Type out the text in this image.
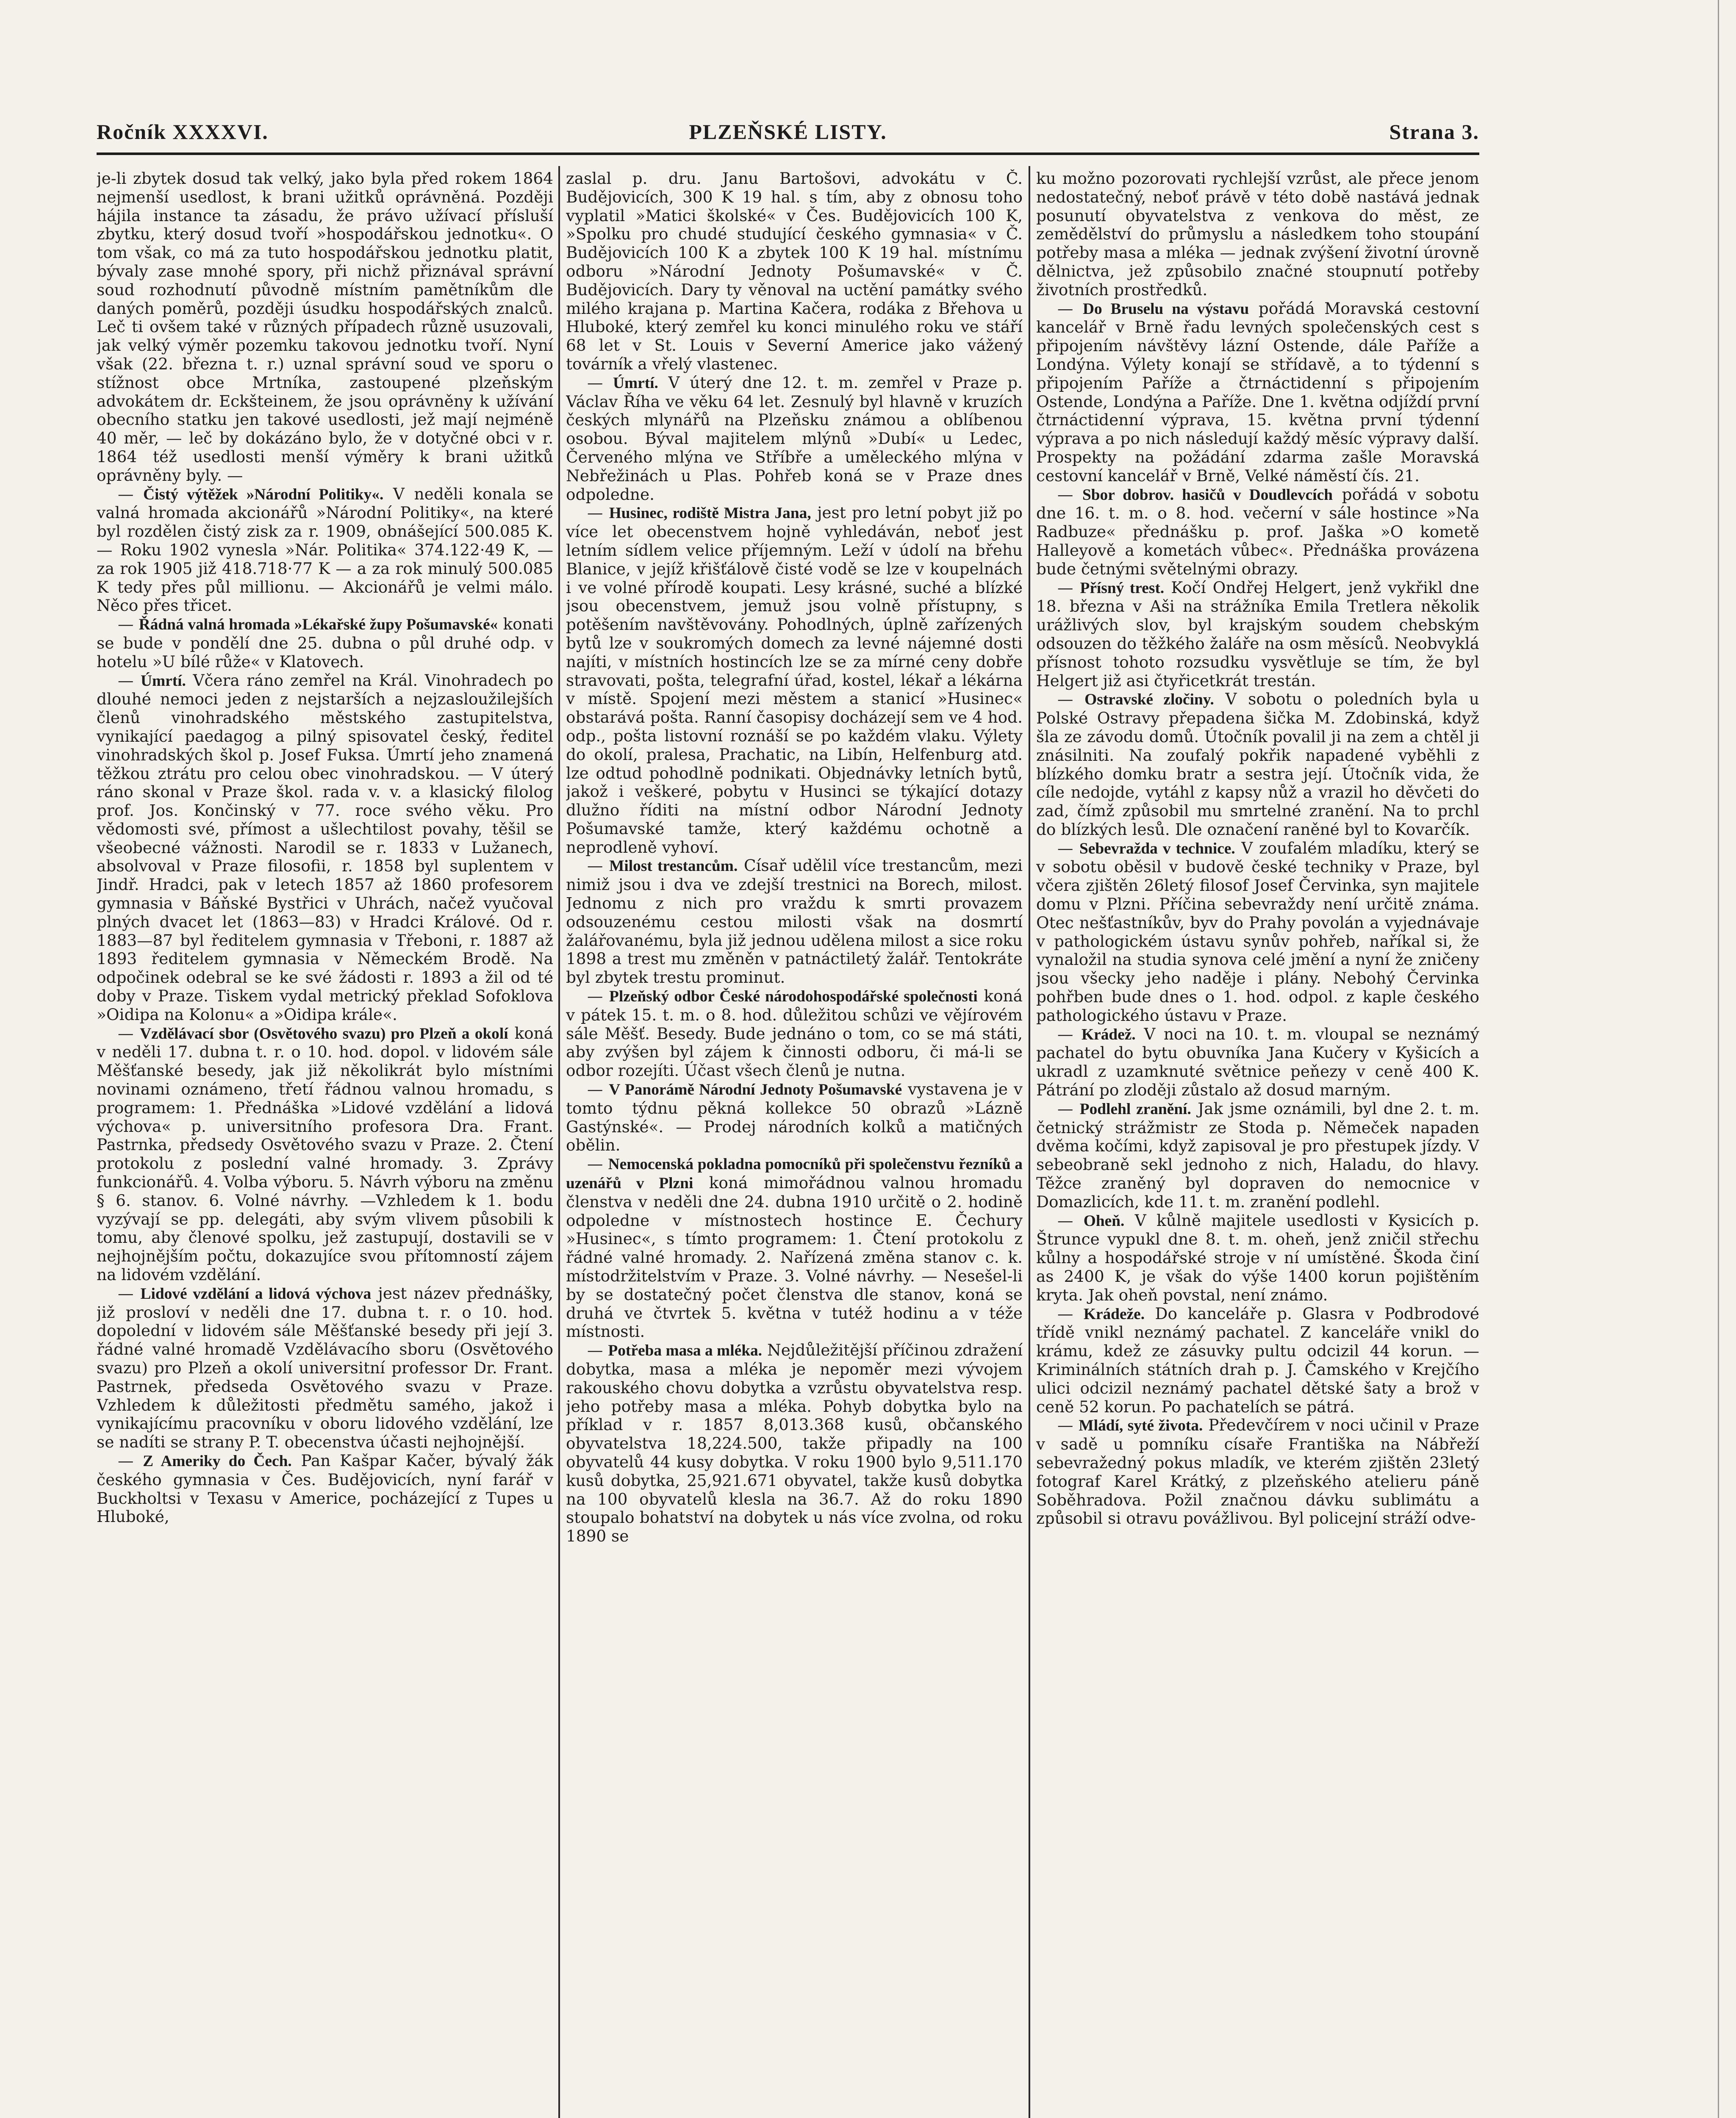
Ročník XXXXVI.	PLZEŇSKÉ LISTY.	Strana 3.

je-li zbytek dosud tak velký, jako byla před rokem 1864 nejmenší usedlost, k brani užitků oprávněná. Později hájila instance ta zásadu, že právo užívací přísluší zbytku, který dosud tvoří »hospodářskou jednotku«. O tom však, co má za tuto hospodářskou jednotku platit, bývaly zase mnohé spory, při nichž přiznával správní soud rozhodnutí původně místním pamětníkům dle daných poměrů, později úsudku hospodářských znalců. Leč ti ovšem také v různých případech různě usuzovali, jak velký výměr pozemku takovou jednotku tvoří. Nyní však (22. března t. r.) uznal správní soud ve sporu o stížnost obce Mrtníka, zastoupené plzeňským advokátem dr. Eckšteinem, že jsou oprávněny k užívání obecního statku jen takové usedlosti, jež mají nejméně 40 měr, — leč by dokázáno bylo, že v dotyčné obci v r. 1864 též usedlosti menší výměry k brani užitků oprávněny byly. —

— Čistý výtěžek »Národní Politiky«. V neděli konala se valná hromada akcionářů »Národní Politiky«, na které byl rozdělen čistý zisk za r. 1909, obnášející 500.085 K. — Roku 1902 vynesla »Nár. Politika« 374.122·49 K, — za rok 1905 již 418.718·77 K — a za rok minulý 500.085 K tedy přes půl millionu. — Akcionářů je velmi málo. Něco přes třicet.

— Řádná valná hromada »Lékařské župy Pošumavské« konati se bude v pondělí dne 25. dubna o půl druhé odp. v hotelu »U bílé růže« v Klatovech.

— Úmrtí. Včera ráno zemřel na Král. Vinohradech po dlouhé nemoci jeden z nejstarších a nejzasloužilejších členů vinohradského městského zastupitelstva, vynikající paedagog a pilný spisovatel český, ředitel vinohradských škol p. Josef Fuksa. Úmrtí jeho znamená těžkou ztrátu pro celou obec vinohradskou. — V úterý ráno skonal v Praze škol. rada v. v. a klasický filolog prof. Jos. Končinský v 77. roce svého věku. Pro vědomosti své, přímost a ušlechtilost povahy, těšil se všeobecné vážnosti. Narodil se r. 1833 v Lužanech, absolvoval v Praze filosofii, r. 1858 byl suplentem v Jindř. Hradci, pak v letech 1857 až 1860 profesorem gymnasia v Báňské Bystřici v Uhrách, načež vyučoval plných dvacet let (1863—83) v Hradci Králové. Od r. 1883—87 byl ředitelem gymnasia v Třeboni, r. 1887 až 1893 ředitelem gymnasia v Německém Brodě. Na odpočinek odebral se ke své žádosti r. 1893 a žil od té doby v Praze. Tiskem vydal metrický překlad Sofoklova »Oidipa na Kolonu« a »Oidipa krále«.

— Vzdělávací sbor (Osvětového svazu) pro Plzeň a okolí koná v neděli 17. dubna t. r. o 10. hod. dopol. v lidovém sále Měšťanské besedy, jak již několikrát bylo místními novinami oznámeno, třetí řádnou valnou hromadu, s programem: 1. Přednáška »Lidové vzdělání a lidová výchova« p. universitního profesora Dra. Frant. Pastrnka, předsedy Osvětového svazu v Praze. 2. Čtení protokolu z poslední valné hromady. 3. Zprávy funkcionářů. 4. Volba výboru. 5. Návrh výboru na změnu § 6. stanov. 6. Volné návrhy. —Vzhledem k 1. bodu vyzývají se pp. delegáti, aby svým vlivem působili k tomu, aby členové spolku, jež zastupují, dostavili se v nejhojnějším počtu, dokazujíce svou přítomností zájem na lidovém vzdělání.

— Lidové vzdělání a lidová výchova jest název přednášky, již prosloví v neděli dne 17. dubna t. r. o 10. hod. dopolední v lidovém sále Měšťanské besedy při její 3. řádné valné hromadě Vzdělávacího sboru (Osvětového svazu) pro Plzeň a okolí universitní professor Dr. Frant. Pastrnek, předseda Osvětového svazu v Praze. Vzhledem k důležitosti předmětu samého, jakož i vynikajícímu pracovníku v oboru lidového vzdělání, lze se nadíti se strany P. T. obecenstva účasti nejhojnější.

— Z Ameriky do Čech. Pan Kašpar Kačer, bývalý žák českého gymnasia v Čes. Budějovicích, nyní farář v Buckholtsi v Texasu v Americe, pocházející z Tupes u Hluboké,

zaslal p. dru. Janu Bartošovi, advokátu v Č. Budějovicích, 300 K 19 hal. s tím, aby z obnosu toho vyplatil »Matici školské« v Čes. Budějovicích 100 K, »Spolku pro chudé studující českého gymnasia« v Č. Budějovicích 100 K a zbytek 100 K 19 hal. místnímu odboru »Národní Jednoty Pošumavské« v Č. Budějovicích. Dary ty věnoval na uctění památky svého milého krajana p. Martina Kačera, rodáka z Břehova u Hluboké, který zemřel ku konci minulého roku ve stáří 68 let v St. Louis v Severní Americe jako vážený továrník a vřelý vlastenec.

— Úmrtí. V úterý dne 12. t. m. zemřel v Praze p. Václav Říha ve věku 64 let. Zesnulý byl hlavně v kruzích českých mlynářů na Plzeňsku známou a oblíbenou osobou. Býval majitelem mlýnů »Dubí« u Ledec, Červeného mlýna ve Stříbře a uměleckého mlýna v Nebřežinách u Plas. Pohřeb koná se v Praze dnes odpoledne.

— Husinec, rodiště Mistra Jana, jest pro letní pobyt již po více let obecenstvem hojně vyhledáván, neboť jest letním sídlem velice příjemným. Leží v údolí na břehu Blanice, v jejíž křišťálově čisté vodě se lze v koupelnách i ve volné přírodě koupati. Lesy krásné, suché a blízké jsou obecenstvem, jemuž jsou volně přístupny, s potěšením navštěvovány. Pohodlných, úplně zařízených bytů lze v soukromých domech za levné nájemné dosti najíti, v místních hostincích lze se za mírné ceny dobře stravovati, pošta, telegrafní úřad, kostel, lékař a lékárna v místě. Spojení mezi městem a stanicí »Husinec« obstarává pošta. Ranní časopisy docházejí sem ve 4 hod. odp., pošta listovní roznáší se po každém vlaku. Výlety do okolí, pralesa, Prachatic, na Libín, Helfenburg atd. lze odtud pohodlně podnikati. Objednávky letních bytů, jakož i veškeré, pobytu v Husinci se týkající dotazy dlužno říditi na místní odbor Národní Jednoty Pošumavské tamže, který každému ochotně a neprodleně vyhoví.

— Milost trestancům. Císař udělil více trestancům, mezi nimiž jsou i dva ve zdejší trestnici na Borech, milost. Jednomu z nich pro vraždu k smrti provazem odsouzenému cestou milosti však na dosmrtí žalářovanému, byla již jednou udělena milost a sice roku 1898 a trest mu změněn v patnáctiletý žalář. Tentokráte byl zbytek trestu prominut.

— Plzeňský odbor České národohospodářské společnosti koná v pátek 15. t. m. o 8. hod. důležitou schůzi ve vějírovém sále Měšť. Besedy. Bude jednáno o tom, co se má státi, aby zvýšen byl zájem k činnosti odboru, či má-li se odbor rozejíti. Účast všech členů je nutna.

— V Panorámě Národní Jednoty Pošumavské vystavena je v tomto týdnu pěkná kollekce 50 obrazů »Lázně Gastýnské«. — Prodej národních kolků a matičných obělin.

— Nemocenská pokladna pomocníků při společenstvu řezníků a uzenářů v Plzni koná mimořádnou valnou hromadu členstva v neděli dne 24. dubna 1910 určitě o 2. hodině odpoledne v místnostech hostince E. Čechury »Husinec«, s tímto programem: 1. Čtení protokolu z řádné valné hromady. 2. Nařízená změna stanov c. k. místodržitelstvím v Praze. 3. Volné návrhy. — Nesešel-li by se dostatečný počet členstva dle stanov, koná se druhá ve čtvrtek 5. května v tutéž hodinu a v téže místnosti.

— Potřeba masa a mléka. Nejdůležitější příčinou zdražení dobytka, masa a mléka je nepoměr mezi vývojem rakouského chovu dobytka a vzrůstu obyvatelstva resp. jeho potřeby masa a mléka. Pohyb dobytka bylo na příklad v r. 1857 8,013.368 kusů, občanského obyvatelstva 18,224.500, takže připadly na 100 obyvatelů 44 kusy dobytka. V roku 1900 bylo 9,511.170 kusů dobytka, 25,921.671 obyvatel, takže kusů dobytka na 100 obyvatelů klesla na 36.7. Až do roku 1890 stoupalo bohatství na dobytek u nás více zvolna, od roku 1890 se

ku možno pozorovati rychlejší vzrůst, ale přece jenom nedostatečný, neboť právě v této době nastává jednak posunutí obyvatelstva z venkova do měst, ze zemědělství do průmyslu a následkem toho stoupání potřeby masa a mléka — jednak zvýšení životní úrovně dělnictva, jež způsobilo značné stoupnutí potřeby životních prostředků.

— Do Bruselu na výstavu pořádá Moravská cestovní kancelář v Brně řadu levných společenských cest s připojením návštěvy lázní Ostende, dále Paříže a Londýna. Výlety konají se střídavě, a to týdenní s připojením Paříže a čtrnáctidenní s připojením Ostende, Londýna a Paříže. Dne 1. května odjíždí první čtrnáctidenní výprava, 15. května první týdenní výprava a po nich následují každý měsíc výpravy další. Prospekty na požádání zdarma zašle Moravská cestovní kancelář v Brně, Velké náměstí čís. 21.

— Sbor dobrov. hasičů v Doudlevcích pořádá v sobotu dne 16. t. m. o 8. hod. večerní v sále hostince »Na Radbuze« přednášku p. prof. Jaška »O kometě Halleyově a kometách vůbec«. Přednáška provázena bude četnými světelnými obrazy.

— Přísný trest. Kočí Ondřej Helgert, jenž vykřikl dne 18. března v Aši na strážníka Emila Tretlera několik urážlivých slov, byl krajským soudem chebským odsouzen do těžkého žaláře na osm měsíců. Neobvyklá přísnost tohoto rozsudku vysvětluje se tím, že byl Helgert již asi čtyřicetkrát trestán.

— Ostravské zločiny. V sobotu o poledních byla u Polské Ostravy přepadena šička M. Zdobinská, když šla ze závodu domů. Útočník povalil ji na zem a chtěl ji znásilniti. Na zoufalý pokřik napadené vyběhli z blízkého domku bratr a sestra její. Útočník vida, že cíle nedojde, vytáhl z kapsy nůž a vrazil ho děvčeti do zad, čímž způsobil mu smrtelné zranění. Na to prchl do blízkých lesů. Dle označení raněné byl to Kovarčík.

— Sebevražda v technice. V zoufalém mladíku, který se v sobotu oběsil v budově české techniky v Praze, byl včera zjištěn 26letý filosof Josef Červinka, syn majitele domu v Plzni. Příčina sebevraždy není určitě známa. Otec nešťastníkův, byv do Prahy povolán a vyjednávaje v pathologickém ústavu synův pohřeb, naříkal si, že vynaložil na studia synova celé jmění a nyní že zničeny jsou všecky jeho naděje i plány. Nebohý Červinka pohřben bude dnes o 1. hod. odpol. z kaple českého pathologického ústavu v Praze.

— Krádež. V noci na 10. t. m. vloupal se neznámý pachatel do bytu obuvníka Jana Kučery v Kyšicích a ukradl z uzamknuté světnice peňezy v ceně 400 K. Pátrání po zloději zůstalo až dosud marným.

— Podlehl zranění. Jak jsme oznámili, byl dne 2. t. m. četnický strážmistr ze Stoda p. Němeček napaden dvěma kočími, když zapisoval je pro přestupek jízdy. V sebeobraně sekl jednoho z nich, Haladu, do hlavy. Těžce zraněný byl dopraven do nemocnice v Domazlicích, kde 11. t. m. zranění podlehl.

— Oheň. V kůlně majitele usedlosti v Kysicích p. Štrunce vypukl dne 8. t. m. oheň, jenž zničil střechu kůlny a hospodářské stroje v ní umístěné. Škoda činí as 2400 K, je však do výše 1400 korun pojištěním kryta. Jak oheň povstal, není známo.

— Krádeže. Do kanceláře p. Glasra v Podbrodové třídě vnikl neznámý pachatel. Z kanceláře vnikl do krámu, kdež ze zásuvky pultu odcizil 44 korun. — Kriminálních státních drah p. J. Čamského v Krejčího ulici odcizil neznámý pachatel dětské šaty a brož v ceně 52 korun. Po pachatelích se pátrá.

— Mládí, syté života. Předevčírem v noci učinil v Praze v sadě u pomníku císaře Františka na Nábřeží sebevražedný pokus mladík, ve kterém zjištěn 23letý fotograf Karel Krátký, z plzeňského atelieru páně Soběhradova. Požil značnou dávku sublimátu a způsobil si otravu povážlivou. Byl policejní stráží odve-
